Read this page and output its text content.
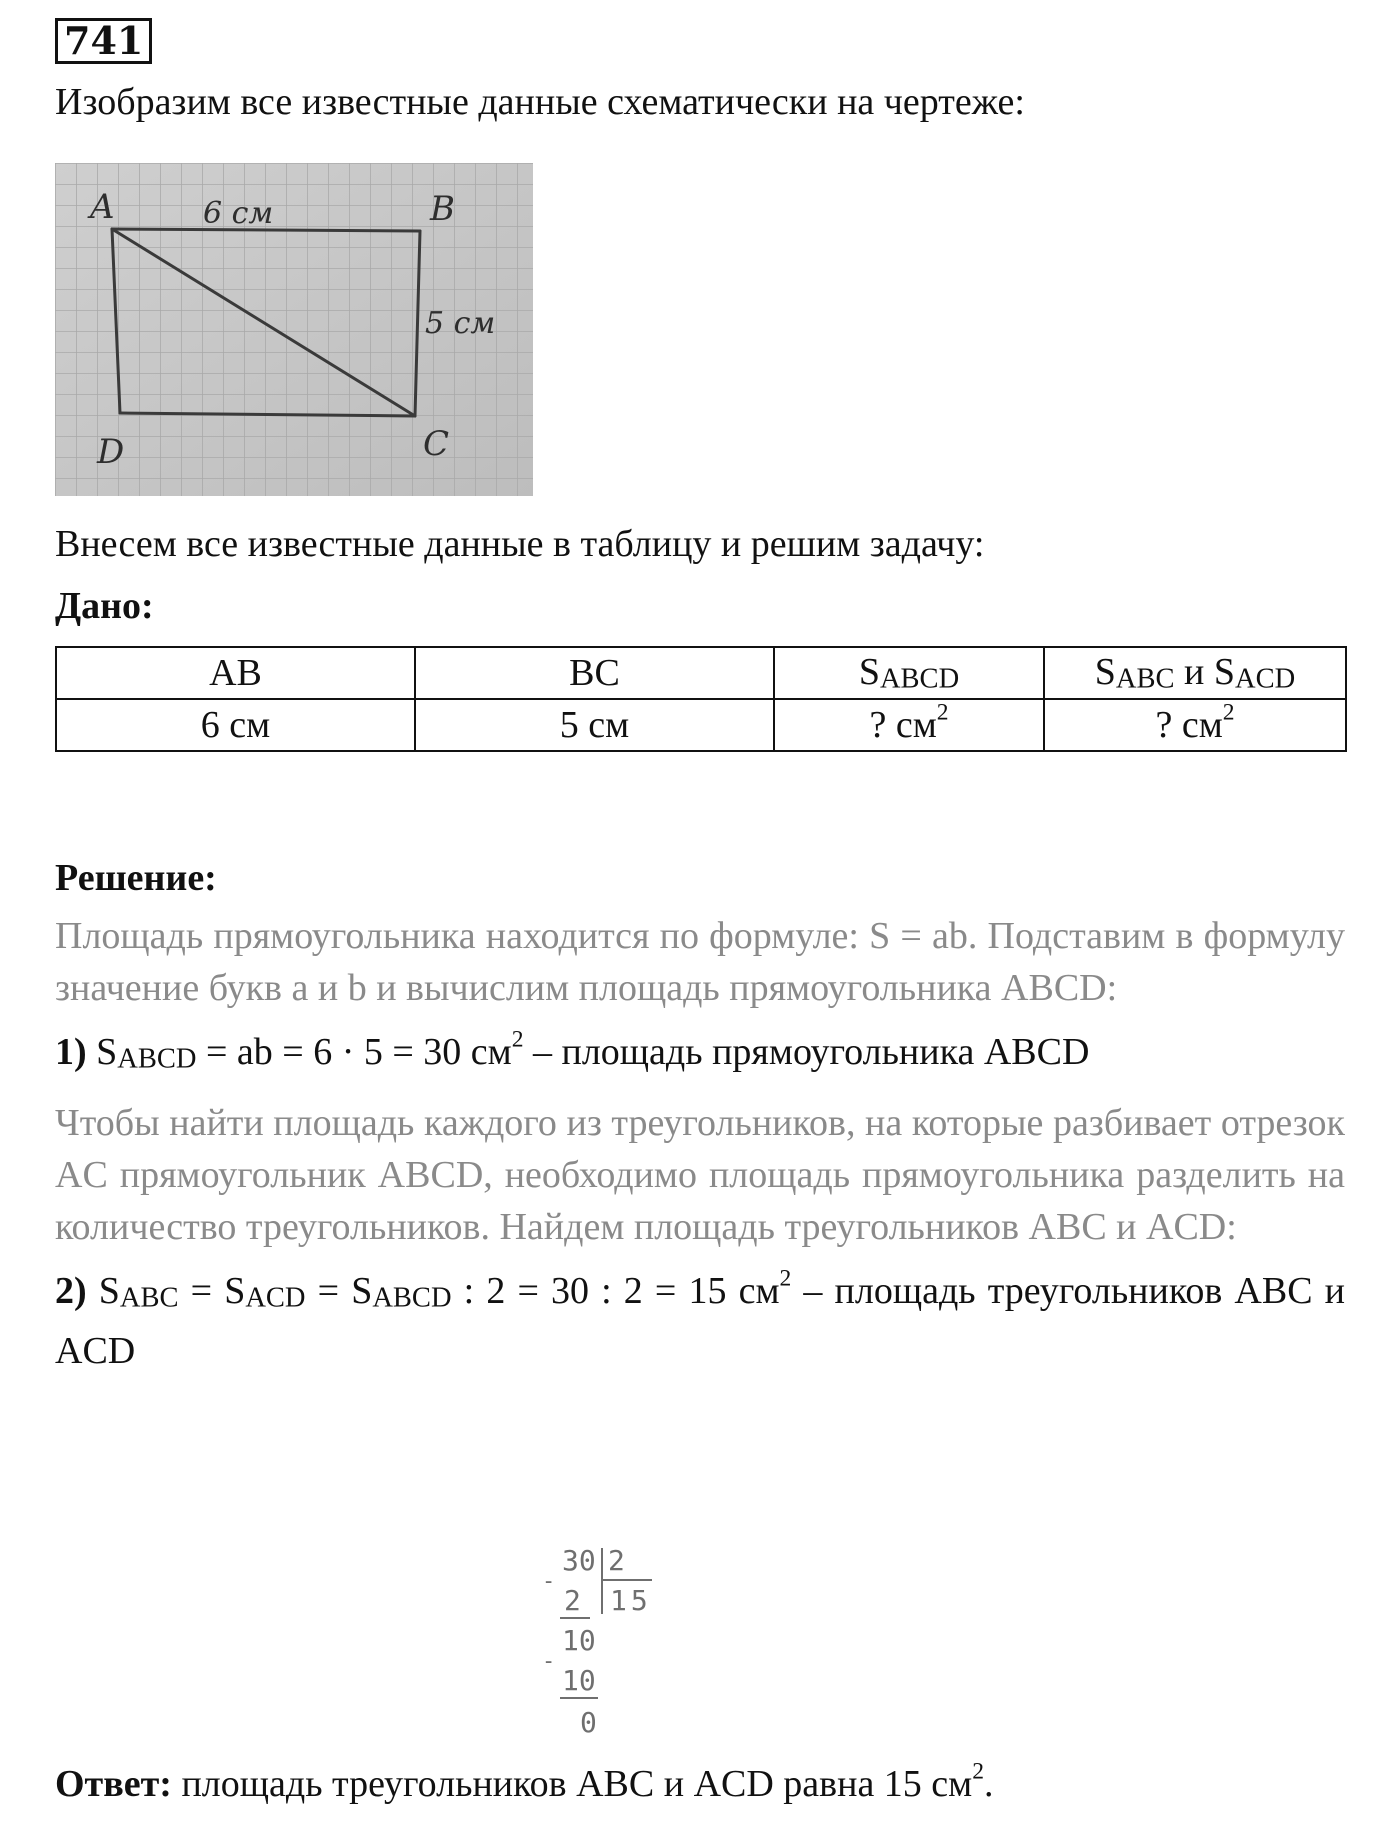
741

Изобразим все известные данные схематически на чертеже:

A	B
C
D
6 см
5 см

Внесем все известные данные в таблицу и решим задачу:

Дано:

AB	BC	$S_{ABCD}$	$S_{ABC}$ и $S_{ACD}$
6 см	5 см	? $см^2$	? $см^2$

Решение:

Площадь прямоугольника находится по формуле: S = ab. Подставим в формулу значение букв a и b и вычислим площадь прямоугольника ABCD:

1) $S_{ABCD}$ = ab = 6 · 5 = 30 $см^2$ – площадь прямоугольника ABCD

Чтобы найти площадь каждого из треугольников, на которые разбивает отрезок AC прямоугольник ABCD, необходимо площадь прямоугольника разделить на количество треугольников. Найдем площадь треугольников ABC и ACD:

2) $S_{ABC} = S_{ACD} = S_{ABCD}$ : 2 = 30 : 2 = 15 $см^2$ – площадь треугольников ABC и ACD

30 2
-
2 15
10
-
10
0

Ответ: площадь треугольников ABC и ACD равна 15 $см^2$.
